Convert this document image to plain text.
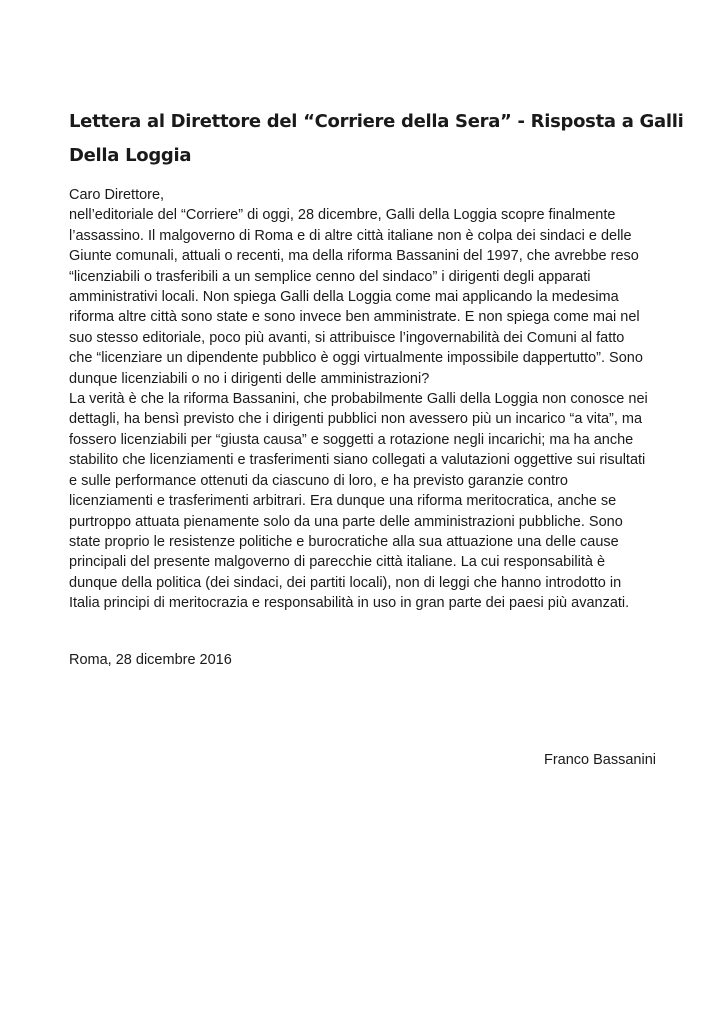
Lettera al Direttore del “Corriere della Sera” - Risposta a Galli
Della Loggia
Caro Direttore,
nell’editoriale del “Corriere” di oggi, 28 dicembre, Galli della Loggia scopre finalmente
l’assassino. Il malgoverno di Roma e di altre città italiane non è colpa dei sindaci e delle
Giunte comunali, attuali o recenti, ma della riforma Bassanini del 1997, che avrebbe reso
“licenziabili o trasferibili a un semplice cenno del sindaco” i dirigenti degli apparati
amministrativi locali. Non spiega Galli della Loggia come mai applicando la medesima
riforma altre città sono state e sono invece ben amministrate. E non spiega come mai nel
suo stesso editoriale, poco più avanti, si attribuisce l’ingovernabilità dei Comuni al fatto
che “licenziare un dipendente pubblico è oggi virtualmente impossibile dappertutto”. Sono
dunque licenziabili o no i dirigenti delle amministrazioni?
La verità è che la riforma Bassanini, che probabilmente Galli della Loggia non conosce nei
dettagli, ha bensì previsto che i dirigenti pubblici non avessero più un incarico “a vita”, ma
fossero licenziabili per “giusta causa” e soggetti a rotazione negli incarichi; ma ha anche
stabilito che licenziamenti e trasferimenti siano collegati a valutazioni oggettive sui risultati
e sulle performance ottenuti da ciascuno di loro, e ha previsto garanzie contro
licenziamenti e trasferimenti arbitrari. Era dunque una riforma meritocratica, anche se
purtroppo attuata pienamente solo da una parte delle amministrazioni pubbliche. Sono
state proprio le resistenze politiche e burocratiche alla sua attuazione una delle cause
principali del presente malgoverno di parecchie città italiane. La cui responsabilità è
dunque della politica (dei sindaci, dei partiti locali), non di leggi che hanno introdotto in
Italia principi di meritocrazia e responsabilità in uso in gran parte dei paesi più avanzati.
Roma, 28 dicembre 2016
Franco Bassanini
